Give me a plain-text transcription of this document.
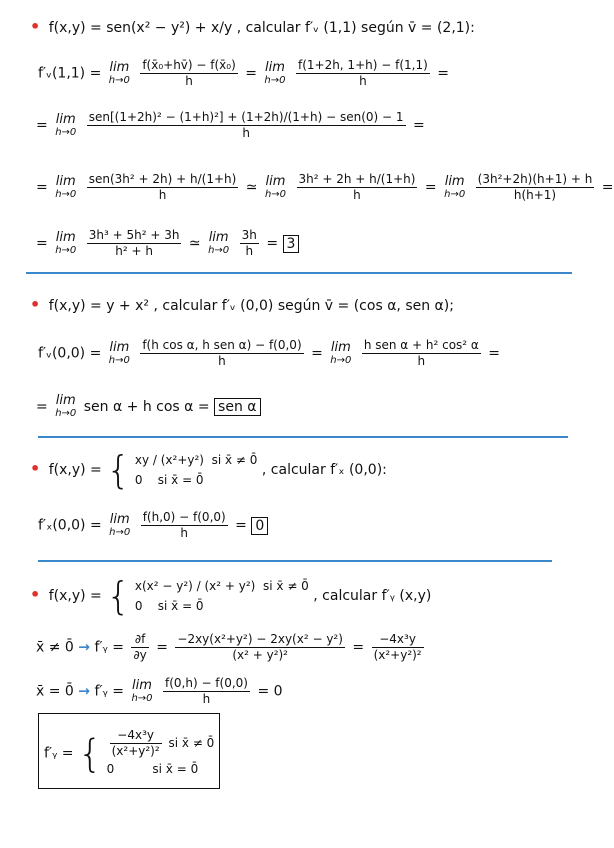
• f(x,y) = sen(x² − y²) + x/y , calcular f′ᵥ (1,1) según v̄ = (2,1):
f′ᵥ(1,1) = lim
h→0
$\frac{\text{f(x̄₀+hv̄) − f(x̄₀)}}{h} = \lim$
h→0
$\frac{f(1+2h, 1+h) - f(1,1)}{h}$ =
= lim
h→0
$\frac{\text{sen[(1+2h)² − (1+h)²] + (1+2h)/(1+h) − sen(0) − 1}}{h}$ =
= lim
h→0
$\frac{\text{sen(3h² + 2h) + h/(1+h)}}{h}$ ≃ lim
h→0
$\frac{\text{3h² + 2h + h/(1+h)}}{h} = \lim$
h→0
$\frac{\text{(3h²+2h)(h+1) + h}}{h(h+1)}$ =
= lim
h→0
$\frac{\text{3h³ + 5h² + 3h}}{\text{h² + h}}$ ≃ lim
h→0
$\frac{3h}{h} = 3$
• f(x,y) = y + x² , calcular f′ᵥ (0,0) según v̄ = (cos α, sen α);
f′ᵥ(0,0) = lim
h→0
$\frac{\text{f(h cos α, h sen α) − f(0,0)}}{h} = \lim$
h→0
$\frac{\text{h sen α + h² cos² α}}{h}$ =
= lim
h→0 sen α + h cos α = sen α
• f(x,y) = { xy / (x²+y²) si x̄ ≠ 0̄
0 si x̄ = 0̄
, calcular f′ₓ (0,0):
f′ₓ(0,0) = lim
h→0
$\frac{f(h,0) - f(0,0)}{h} = 0$
• f(x,y) = { x(x² − y²) / (x² + y²) si x̄ ≠ 0̄
0 si x̄ = 0̄
, calcular f′ᵧ (x,y)
x̄ ≠ 0̄ → f′ᵧ = $\frac{\partial f}{\partial y} = \frac{\text{−2xy(x²+y²) − 2xy(x² − y²)}}{\text{(x² + y²)²}} = \frac{\text{−4x³y}}{\text{(x²+y²)²}}$
x̄ = 0̄ → f′ᵧ = lim
h→0
$\frac{f(0,h) - f(0,0)}{h} = 0$
f′ᵧ = { $\frac{\text{−4x³y}}{\text{(x²+y²)²}}$ si x̄ ≠ 0̄
0	si x̄ = 0̄
